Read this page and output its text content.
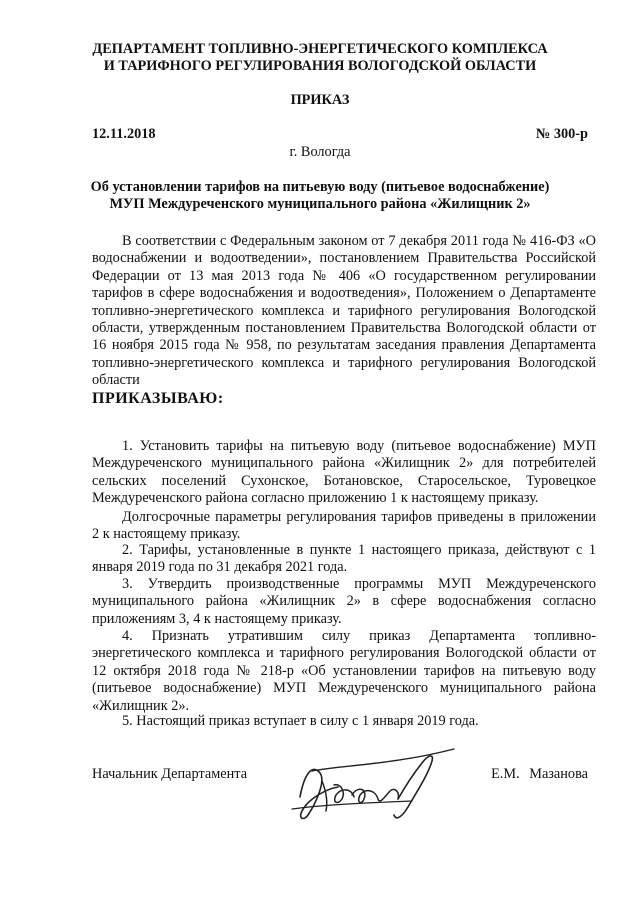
ДЕПАРТАМЕНТ ТОПЛИВНО-ЭНЕРГЕТИЧЕСКОГО КОМПЛЕКСА
И ТАРИФНОГО РЕГУЛИРОВАНИЯ ВОЛОГОДСКОЙ ОБЛАСТИ
ПРИКАЗ
12.11.2018	№ 300-р
г. Вологда
Об установлении тарифов на питьевую воду (питьевое водоснабжение)
МУП Междуреченского муниципального района «Жилищник 2»

В соответствии с Федеральным законом от 7 декабря 2011 года № 416-ФЗ «О водоснабжении и водоотведении», постановлением Правительства Российской Федерации от 13 мая 2013 года № 406 «О государственном регулировании тарифов в сфере водоснабжения и водоотведения», Положением о Департаменте топливно-энергетического комплекса и тарифного регулирования Вологодской области, утвержденным постановлением Правительства Вологодской области от 16 ноября 2015 года № 958, по результатам заседания правления Департамента топливно-энергетического комплекса и тарифного регулирования Вологодской области

ПРИКАЗЫВАЮ:

1. Установить тарифы на питьевую воду (питьевое водоснабжение) МУП Междуреченского муниципального района «Жилищник 2» для потребителей сельских поселений Сухонское, Ботановское, Старосельское, Туровецкое Междуреченского района согласно приложению 1 к настоящему приказу.

Долгосрочные параметры регулирования тарифов приведены в приложении 2 к настоящему приказу.

2. Тарифы, установленные в пункте 1 настоящего приказа, действуют с 1 января 2019 года по 31 декабря 2021 года.

3. Утвердить производственные программы МУП Междуреченского муниципального района «Жилищник 2» в сфере водоснабжения согласно приложениям 3, 4 к настоящему приказу.

4. Признать утратившим силу приказ Департамента топливно-энергетического комплекса и тарифного регулирования Вологодской области от 12 октября 2018 года № 218-р «Об установлении тарифов на питьевую воду (питьевое водоснабжение) МУП Междуреченского муниципального района «Жилищник 2».

5. Настоящий приказ вступает в силу с 1 января 2019 года.

Начальник Департамента	Е.М. Мазанова
